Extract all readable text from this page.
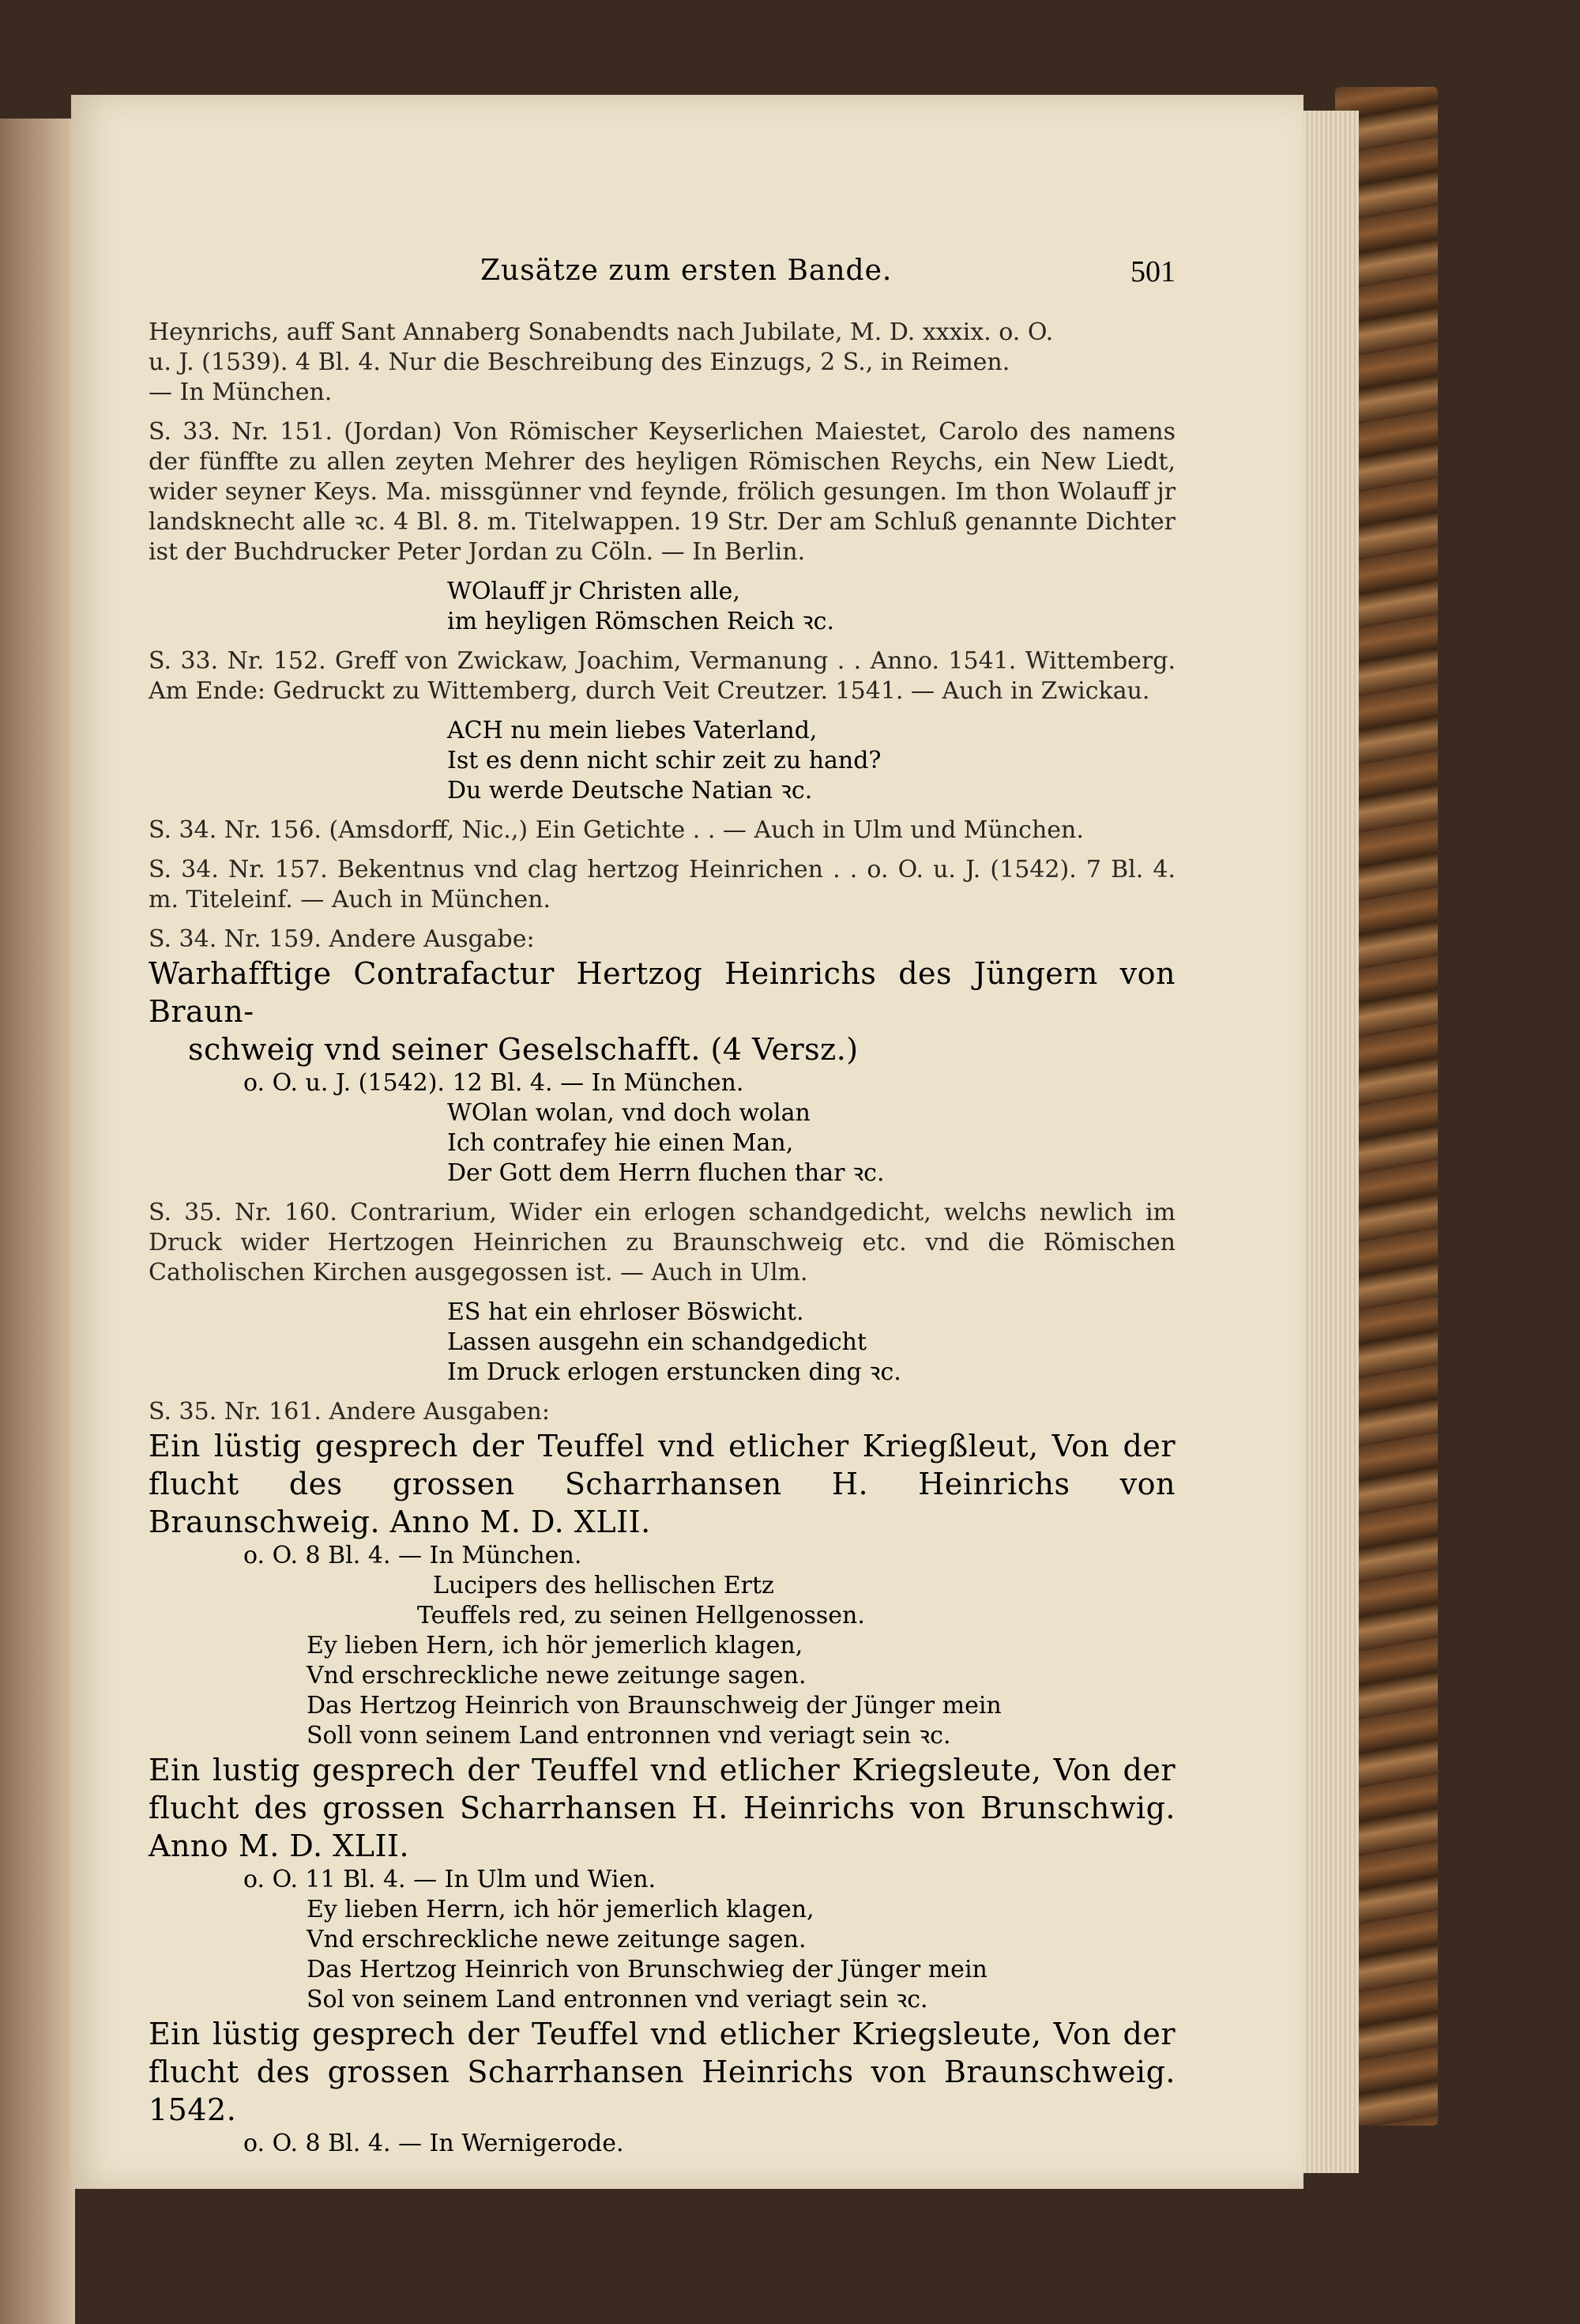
Zusätze zum ersten Bande.	501

Heynrichs, auff Sant Annaberg Sonabendts nach Jubilate, M. D. xxxix. o. O.

u. J. (1539). 4 Bl. 4. Nur die Beschreibung des Einzugs, 2 S., in Reimen.

— In München.

S. 33. Nr. 151. (Jordan) Von Römischer Keyserlichen Maiestet, Carolo des namens der fünffte zu allen zeyten Mehrer des heyligen Römischen Reychs, ein New Liedt, wider seyner Keys. Ma. missgünner vnd feynde, frölich gesungen. Im thon Wolauff jr landsknecht alle ꝛc. 4 Bl. 8. m. Titelwappen. 19 Str. Der am Schluß genannte Dichter ist der Buchdrucker Peter Jordan zu Cöln. — In Berlin.

WOlauff jr Christen alle,
im heyligen Römschen Reich ꝛc.

S. 33. Nr. 152. Greff von Zwickaw, Joachim, Vermanung . . Anno. 1541. Wittemberg. Am Ende: Gedruckt zu Wittemberg, durch Veit Creutzer. 1541. — Auch in Zwickau.

ACH nu mein liebes Vaterland,
Ist es denn nicht schir zeit zu hand?
Du werde Deutsche Natian ꝛc.

S. 34. Nr. 156. (Amsdorff, Nic.,) Ein Getichte . . — Auch in Ulm und München.

S. 34. Nr. 157. Bekentnus vnd clag hertzog Heinrichen . . o. O. u. J. (1542). 7 Bl. 4. m. Titeleinf. — Auch in München.

S. 34. Nr. 159. Andere Ausgabe:

Warhafftige Contrafactur Hertzog Heinrichs des Jüngern von Braun-
schweig vnd seiner Geselschafft. (4 Versz.)
o. O. u. J. (1542). 12 Bl. 4. — In München.
WOlan wolan, vnd doch wolan
Ich contrafey hie einen Man,
Der Gott dem Herrn fluchen thar ꝛc.

S. 35. Nr. 160. Contrarium, Wider ein erlogen schandgedicht, welchs newlich im Druck wider Hertzogen Heinrichen zu Braunschweig etc. vnd die Römischen Catholischen Kirchen ausgegossen ist. — Auch in Ulm.

ES hat ein ehrloser Böswicht.
Lassen ausgehn ein schandgedicht
Im Druck erlogen erstuncken ding ꝛc.

S. 35. Nr. 161. Andere Ausgaben:

Ein lüstig gesprech der Teuffel vnd etlicher Kriegßleut, Von der flucht des grossen Scharrhansen H. Heinrichs von Braunschweig. Anno M. D. XLII.
o. O. 8 Bl. 4. — In München.
Lucipers des hellischen Ertz
Teuffels red, zu seinen Hellgenossen.
Ey lieben Hern, ich hör jemerlich klagen,
Vnd erschreckliche newe zeitunge sagen.
Das Hertzog Heinrich von Braunschweig der Jünger mein
Soll vonn seinem Land entronnen vnd veriagt sein ꝛc.
Ein lustig gesprech der Teuffel vnd etlicher Kriegsleute, Von der flucht des grossen Scharrhansen H. Heinrichs von Brunschwig. Anno M. D. XLII.
o. O. 11 Bl. 4. — In Ulm und Wien.
Ey lieben Herrn, ich hör jemerlich klagen,
Vnd erschreckliche newe zeitunge sagen.
Das Hertzog Heinrich von Brunschwieg der Jünger mein
Sol von seinem Land entronnen vnd veriagt sein ꝛc.
Ein lüstig gesprech der Teuffel vnd etlicher Kriegsleute, Von der flucht des grossen Scharrhansen Heinrichs von Braunschweig. 1542.
o. O. 8 Bl. 4. — In Wernigerode.
